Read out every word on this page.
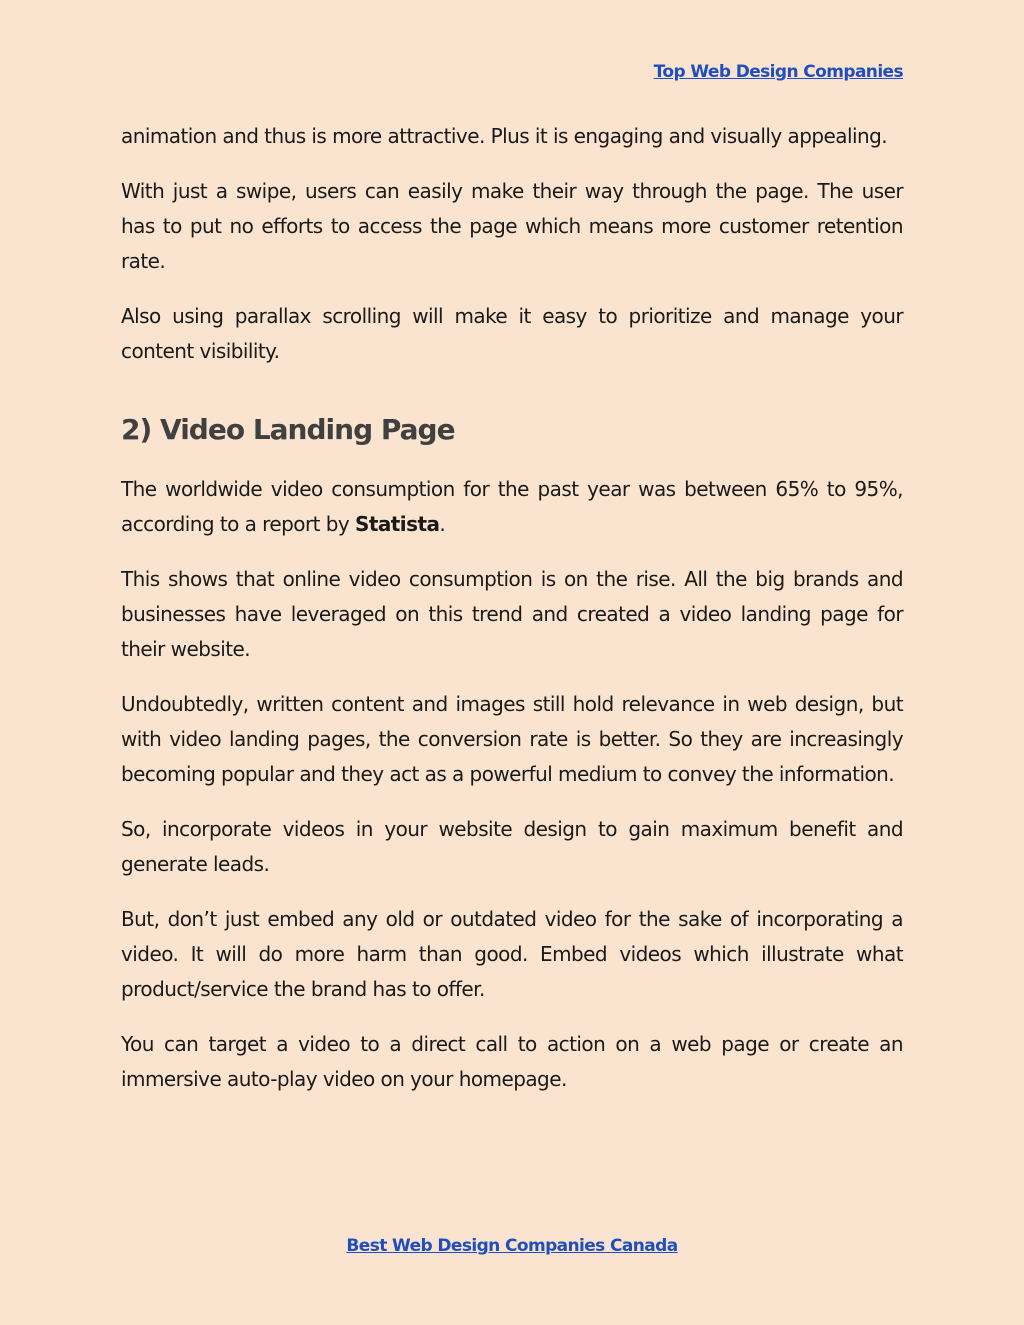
Top Web Design Companies

animation and thus is more attractive. Plus it is engaging and visually appealing.

With just a swipe, users can easily make their way through the page. The user has to put no efforts to access the page which means more customer retention rate.

Also using parallax scrolling will make it easy to prioritize and manage your content visibility.

2) Video Landing Page

The worldwide video consumption for the past year was between 65% to 95%, according to a report by Statista.

This shows that online video consumption is on the rise. All the big brands and businesses have leveraged on this trend and created a video landing page for their website.

Undoubtedly, written content and images still hold relevance in web design, but with video landing pages, the conversion rate is better. So they are increasingly becoming popular and they act as a powerful medium to convey the information.

So, incorporate videos in your website design to gain maximum benefit and generate leads.

But, don’t just embed any old or outdated video for the sake of incorporating a video. It will do more harm than good. Embed videos which illustrate what product/service the brand has to offer.

You can target a video to a direct call to action on a web page or create an immersive auto-play video on your homepage.

Best Web Design Companies Canada
